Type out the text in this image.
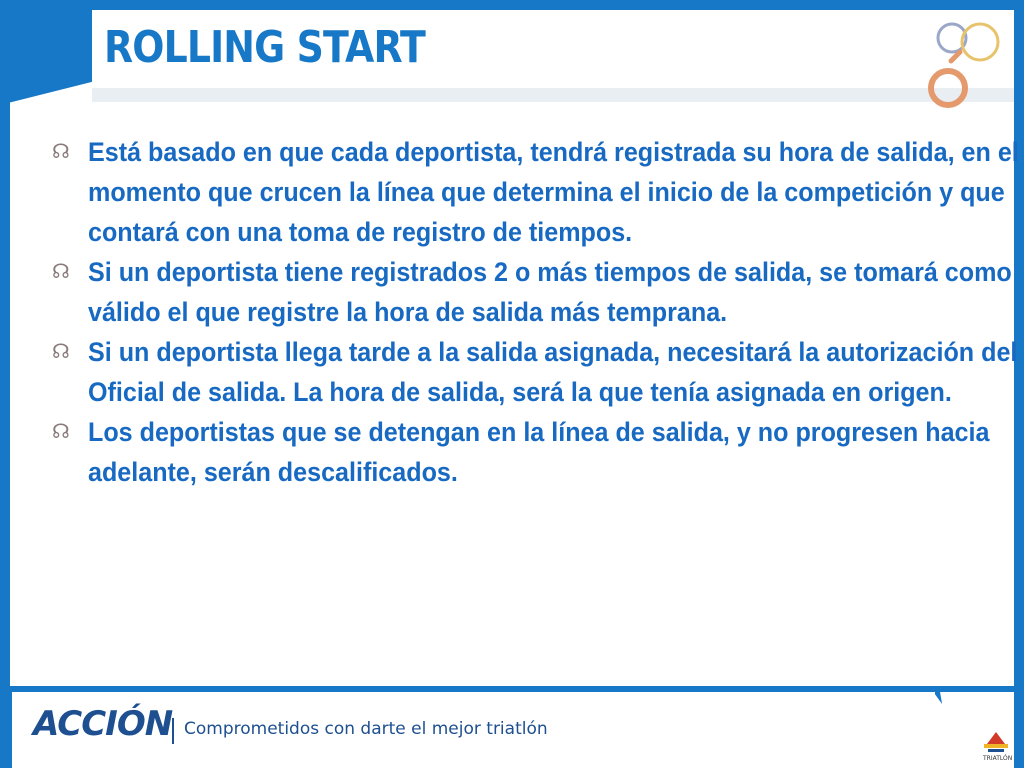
ROLLING START

☊ Está basado en que cada deportista, tendrá registrada su hora de salida, en el momento que crucen la línea que determina el inicio de la competición y que contará con una toma de registro de tiempos.

☊ Si un deportista tiene registrados 2 o más tiempos de salida, se tomará como válido el que registre la hora de salida más temprana.

☊ Si un deportista llega tarde a la salida asignada, necesitará la autorización del Oficial de salida. La hora de salida, será la que tenía asignada en origen.

☊ Los deportistas que se detengan en la línea de salida, y no progresen hacia adelante, serán descalificados.

ACCIÓN Comprometidos con darte el mejor triatlón

TRIATLÓN
